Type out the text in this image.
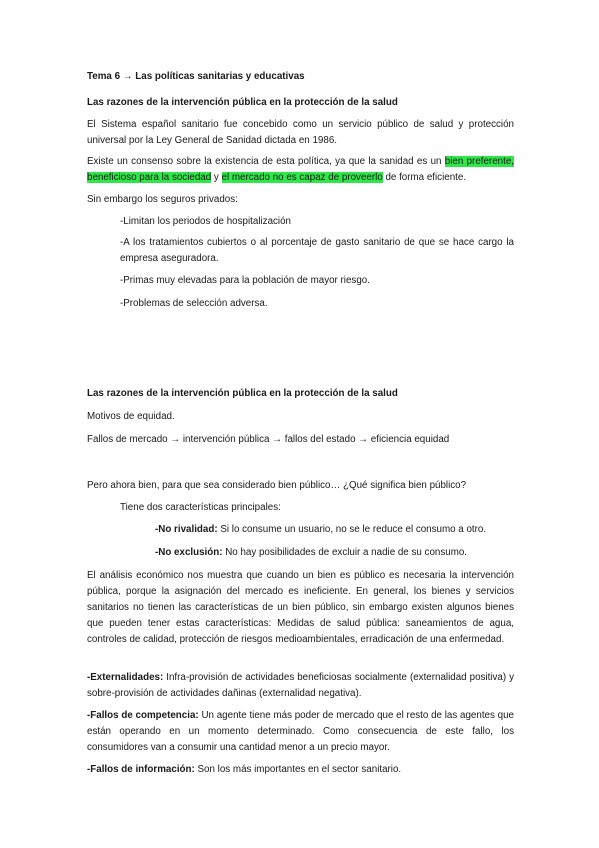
Tema 6 → Las políticas sanitarias y educativas
Las razones de la intervención pública en la protección de la salud
El Sistema español sanitario fue concebido como un servicio público de salud y protección universal por la Ley General de Sanidad dictada en 1986.
Existe un consenso sobre la existencia de esta política, ya que la sanidad es un bien preferente, beneficioso para la sociedad y el mercado no es capaz de proveerlo de forma eficiente.
Sin embargo los seguros privados:
-Limitan los periodos de hospitalización
-A los tratamientos cubiertos o al porcentaje de gasto sanitario de que se hace cargo la empresa aseguradora.
-Primas muy elevadas para la población de mayor riesgo.
-Problemas de selección adversa.
Las razones de la intervención pública en la protección de la salud
Motivos de equidad.
Fallos de mercado → intervención pública → fallos del estado → eficiencia equidad
Pero ahora bien, para que sea considerado bien público… ¿Qué significa bien público?
Tiene dos características principales:
-No rivalidad: Si lo consume un usuario, no se le reduce el consumo a otro.
-No exclusión: No hay posibilidades de excluir a nadie de su consumo.
El análisis económico nos muestra que cuando un bien es público es necesaria la intervención pública, porque la asignación del mercado es ineficiente. En general, los bienes y servicios sanitarios no tienen las características de un bien público, sin embargo existen algunos bienes que pueden tener estas características: Medidas de salud pública: saneamientos de agua, controles de calidad, protección de riesgos medioambientales, erradicación de una enfermedad.
-Externalidades: Infra-provisión de actividades beneficiosas socialmente (externalidad positiva) y sobre-provisión de actividades dañinas (externalidad negativa).
-Fallos de competencia: Un agente tiene más poder de mercado que el resto de las agentes que están operando en un momento determinado. Como consecuencia de este fallo, los consumidores van a consumir una cantidad menor a un precio mayor.
-Fallos de información: Son los más importantes en el sector sanitario.
